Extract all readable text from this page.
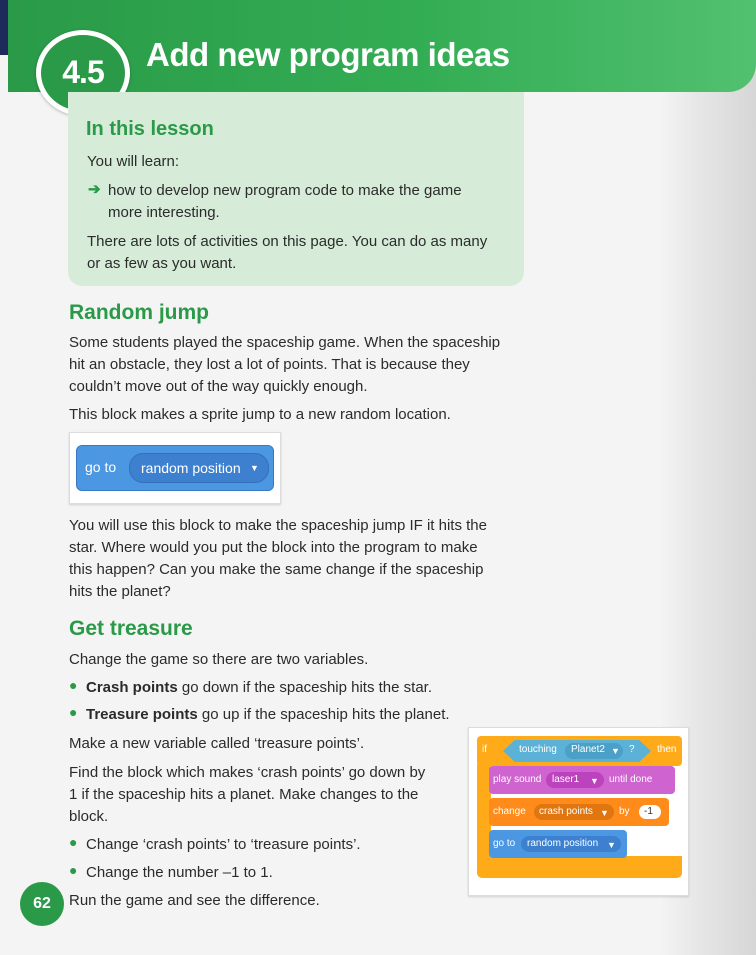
4.5	Add new program ideas
In this lesson
You will learn:
➔ how to develop new program code to make the game
more interesting.
There are lots of activities on this page. You can do as many
or as few as you want.
Random jump
Some students played the spaceship game. When the spaceship
hit an obstacle, they lost a lot of points. That is because they
couldn’t move out of the way quickly enough.
This block makes a sprite jump to a new random location.
go to random position ▼
You will use this block to make the spaceship jump IF it hits the
star. Where would you put the block into the program to make
this happen? Can you make the same change if the spaceship
hits the planet?
Get treasure
Change the game so there are two variables.
● Crash points go down if the spaceship hits the star.
● Treasure points go up if the spaceship hits the planet.
Make a new variable called ‘treasure points’.
Find the block which makes ‘crash points’ go down by
1 if the spaceship hits a planet. Make changes to the
block.
● Change ‘crash points’ to ‘treasure points’.
● Change the number –1 to 1.
Run the game and see the difference.
if	touching Planet2 ▼ ? then
play sound laser1 ▼ until done
change crash points ▼ by -1
go to random position ▼
62
